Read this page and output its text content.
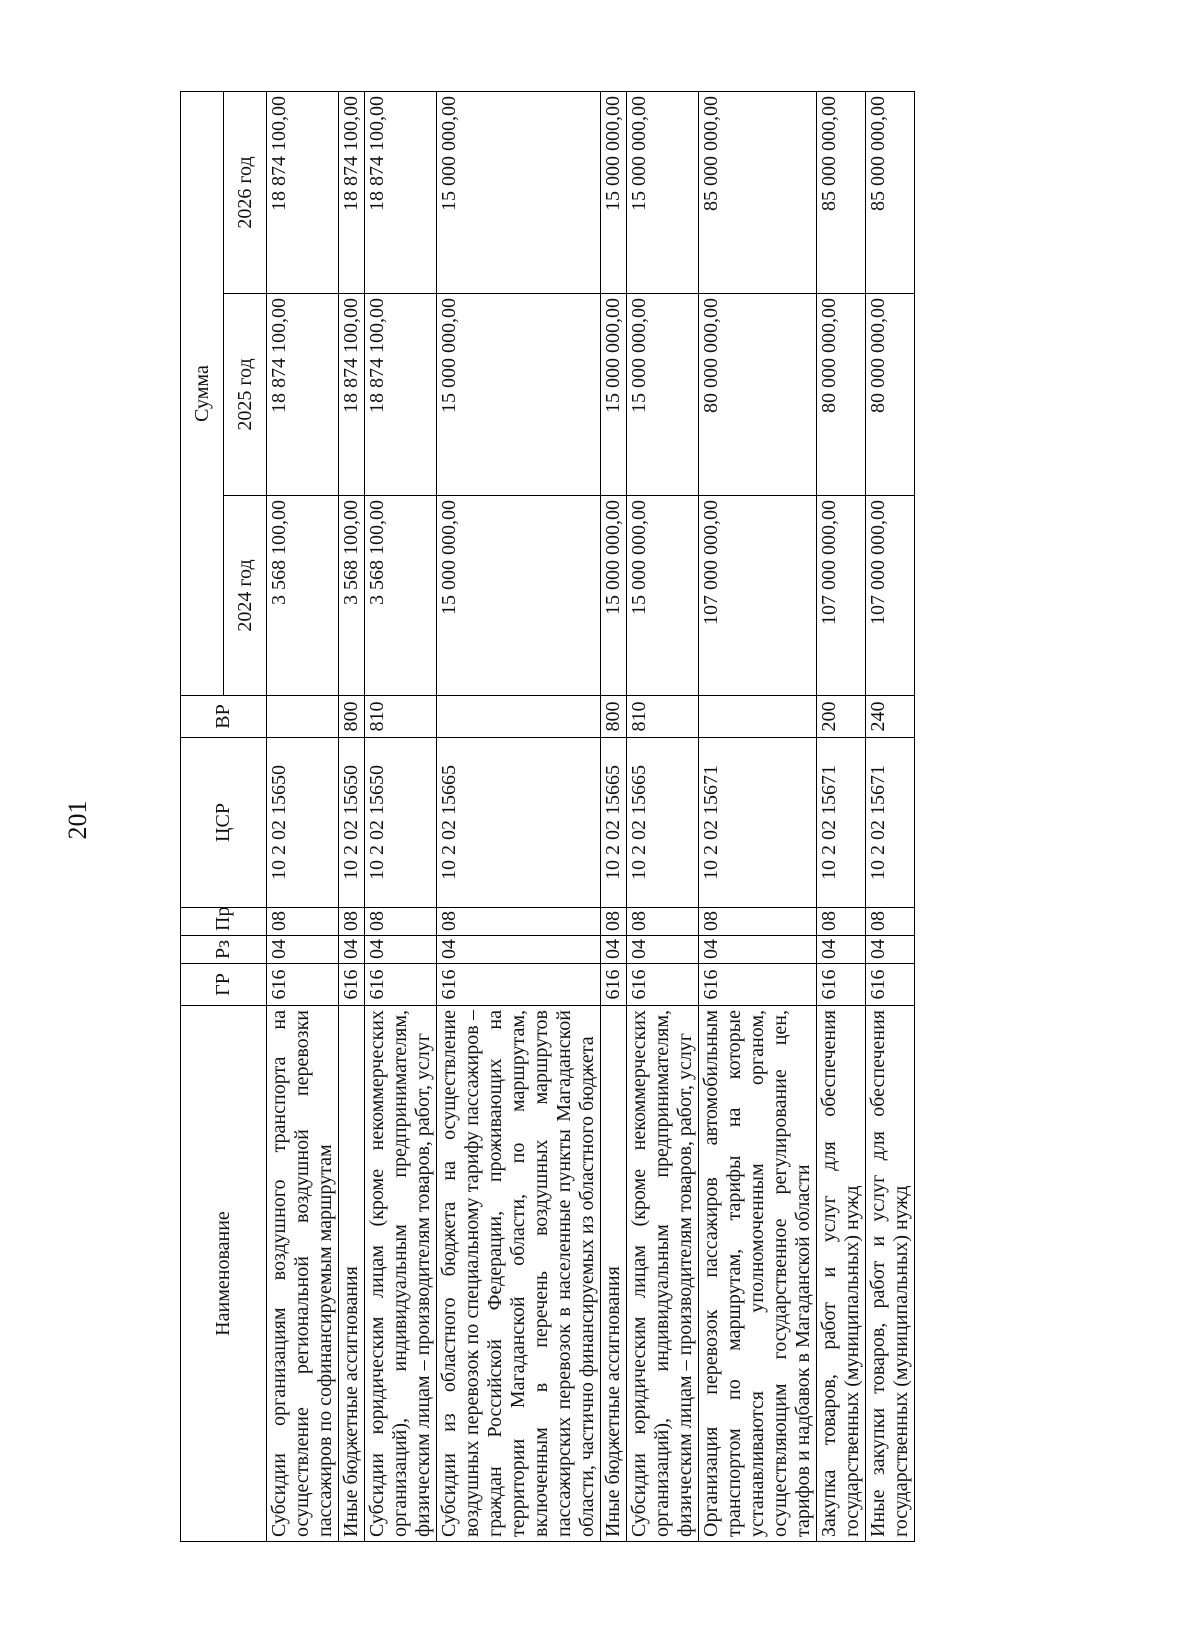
201
Наименование	ГР	Рз	Пр	ЦСР	ВР	Сумма		
						2024 год	2025 год	2026 год
Субсидии организациям воздушного транспорта на осуществление региональной воздушной перевозки пассажиров по софинансируемым маршрутам	616	04	08	10 2 02 15650		3 568 100,00	18 874 100,00	18 874 100,00
Иные бюджетные ассигнования	616	04	08	10 2 02 15650	800	3 568 100,00	18 874 100,00	18 874 100,00
Субсидии юридическим лицам (кроме некоммерческих организаций), индивидуальным предпринимателям, физическим лицам – производителям товаров, работ, услуг	616	04	08	10 2 02 15650	810	3 568 100,00	18 874 100,00	18 874 100,00
Субсидии из областного бюджета на осуществление воздушных перевозок по специальному тарифу пассажиров – граждан Российской Федерации, проживающих на территории Магаданской области, по маршрутам, включенным в перечень воздушных маршрутов пассажирских перевозок в населенные пункты Магаданской области, частично финансируемых из областного бюджета	616	04	08	10 2 02 15665		15 000 000,00	15 000 000,00	15 000 000,00
Иные бюджетные ассигнования	616	04	08	10 2 02 15665	800	15 000 000,00	15 000 000,00	15 000 000,00
Субсидии юридическим лицам (кроме некоммерческих организаций), индивидуальным предпринимателям, физическим лицам – производителям товаров, работ, услуг	616	04	08	10 2 02 15665	810	15 000 000,00	15 000 000,00	15 000 000,00
Организация перевозок пассажиров автомобильным транспортом по маршрутам, тарифы на которые устанавливаются уполномоченным органом, осуществляющим государственное регулирование цен, тарифов и надбавок в Магаданской области	616	04	08	10 2 02 15671		107 000 000,00	80 000 000,00	85 000 000,00
Закупка товаров, работ и услуг для обеспечения государственных (муниципальных) нужд	616	04	08	10 2 02 15671	200	107 000 000,00	80 000 000,00	85 000 000,00
Иные закупки товаров, работ и услуг для обеспечения государственных (муниципальных) нужд	616	04	08	10 2 02 15671	240	107 000 000,00	80 000 000,00	85 000 000,00
